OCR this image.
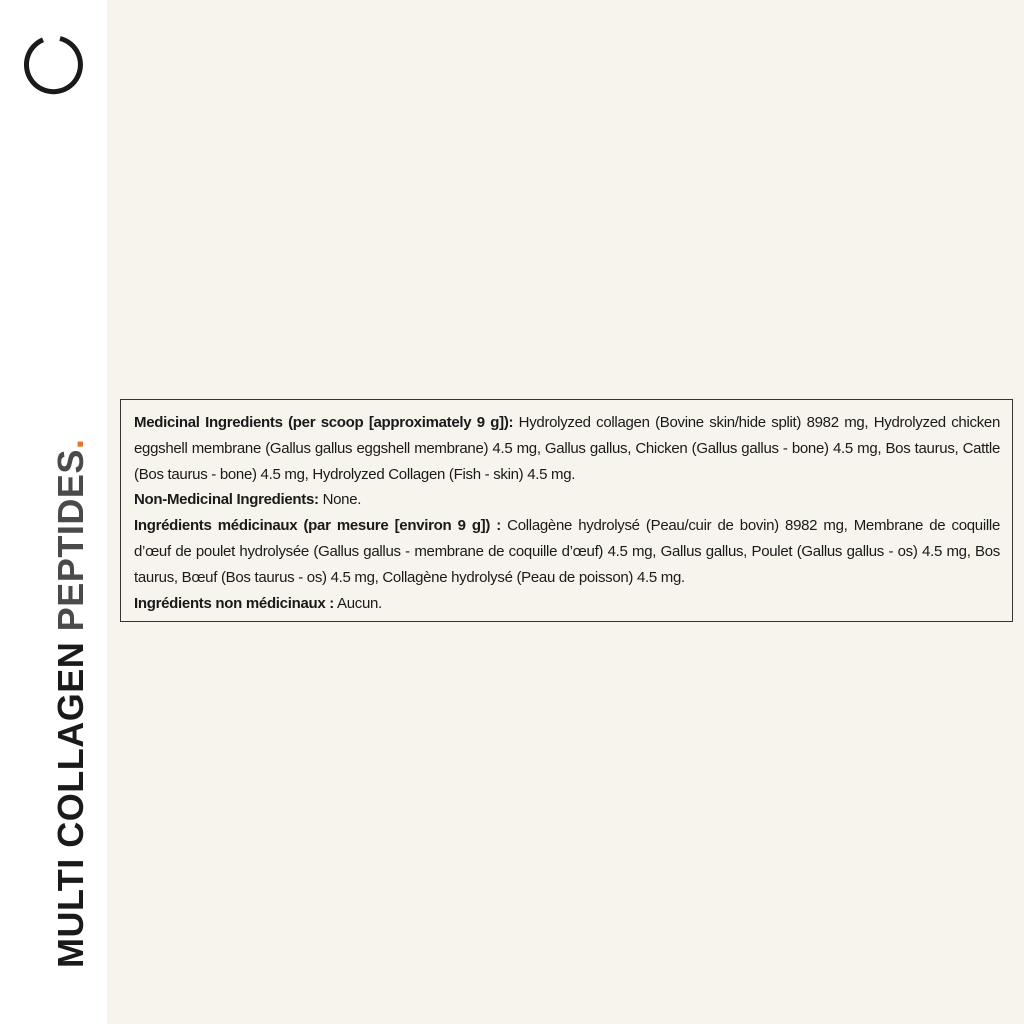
MULTI COLLAGEN PEPTIDES.

Medicinal Ingredients (per scoop [approximately 9 g]): Hydrolyzed collagen (Bovine skin/hide split) 8982 mg, Hydrolyzed chicken eggshell membrane (Gallus gallus eggshell membrane) 4.5 mg, Gallus gallus, Chicken (Gallus gallus - bone) 4.5 mg, Bos taurus, Cattle (Bos taurus - bone) 4.5 mg, Hydrolyzed Collagen (Fish - skin) 4.5 mg.

Non-Medicinal Ingredients: None.

Ingrédients médicinaux (par mesure [environ 9 g]) : Collagène hydrolysé (Peau/cuir de bovin) 8982 mg, Membrane de coquille d’œuf de poulet hydrolysée (Gallus gallus - membrane de coquille d’œuf) 4.5 mg, Gallus gallus, Poulet (Gallus gallus - os) 4.5 mg, Bos taurus, Bœuf (Bos taurus - os) 4.5 mg, Collagène hydrolysé (Peau de poisson) 4.5 mg.

Ingrédients non médicinaux : Aucun.
